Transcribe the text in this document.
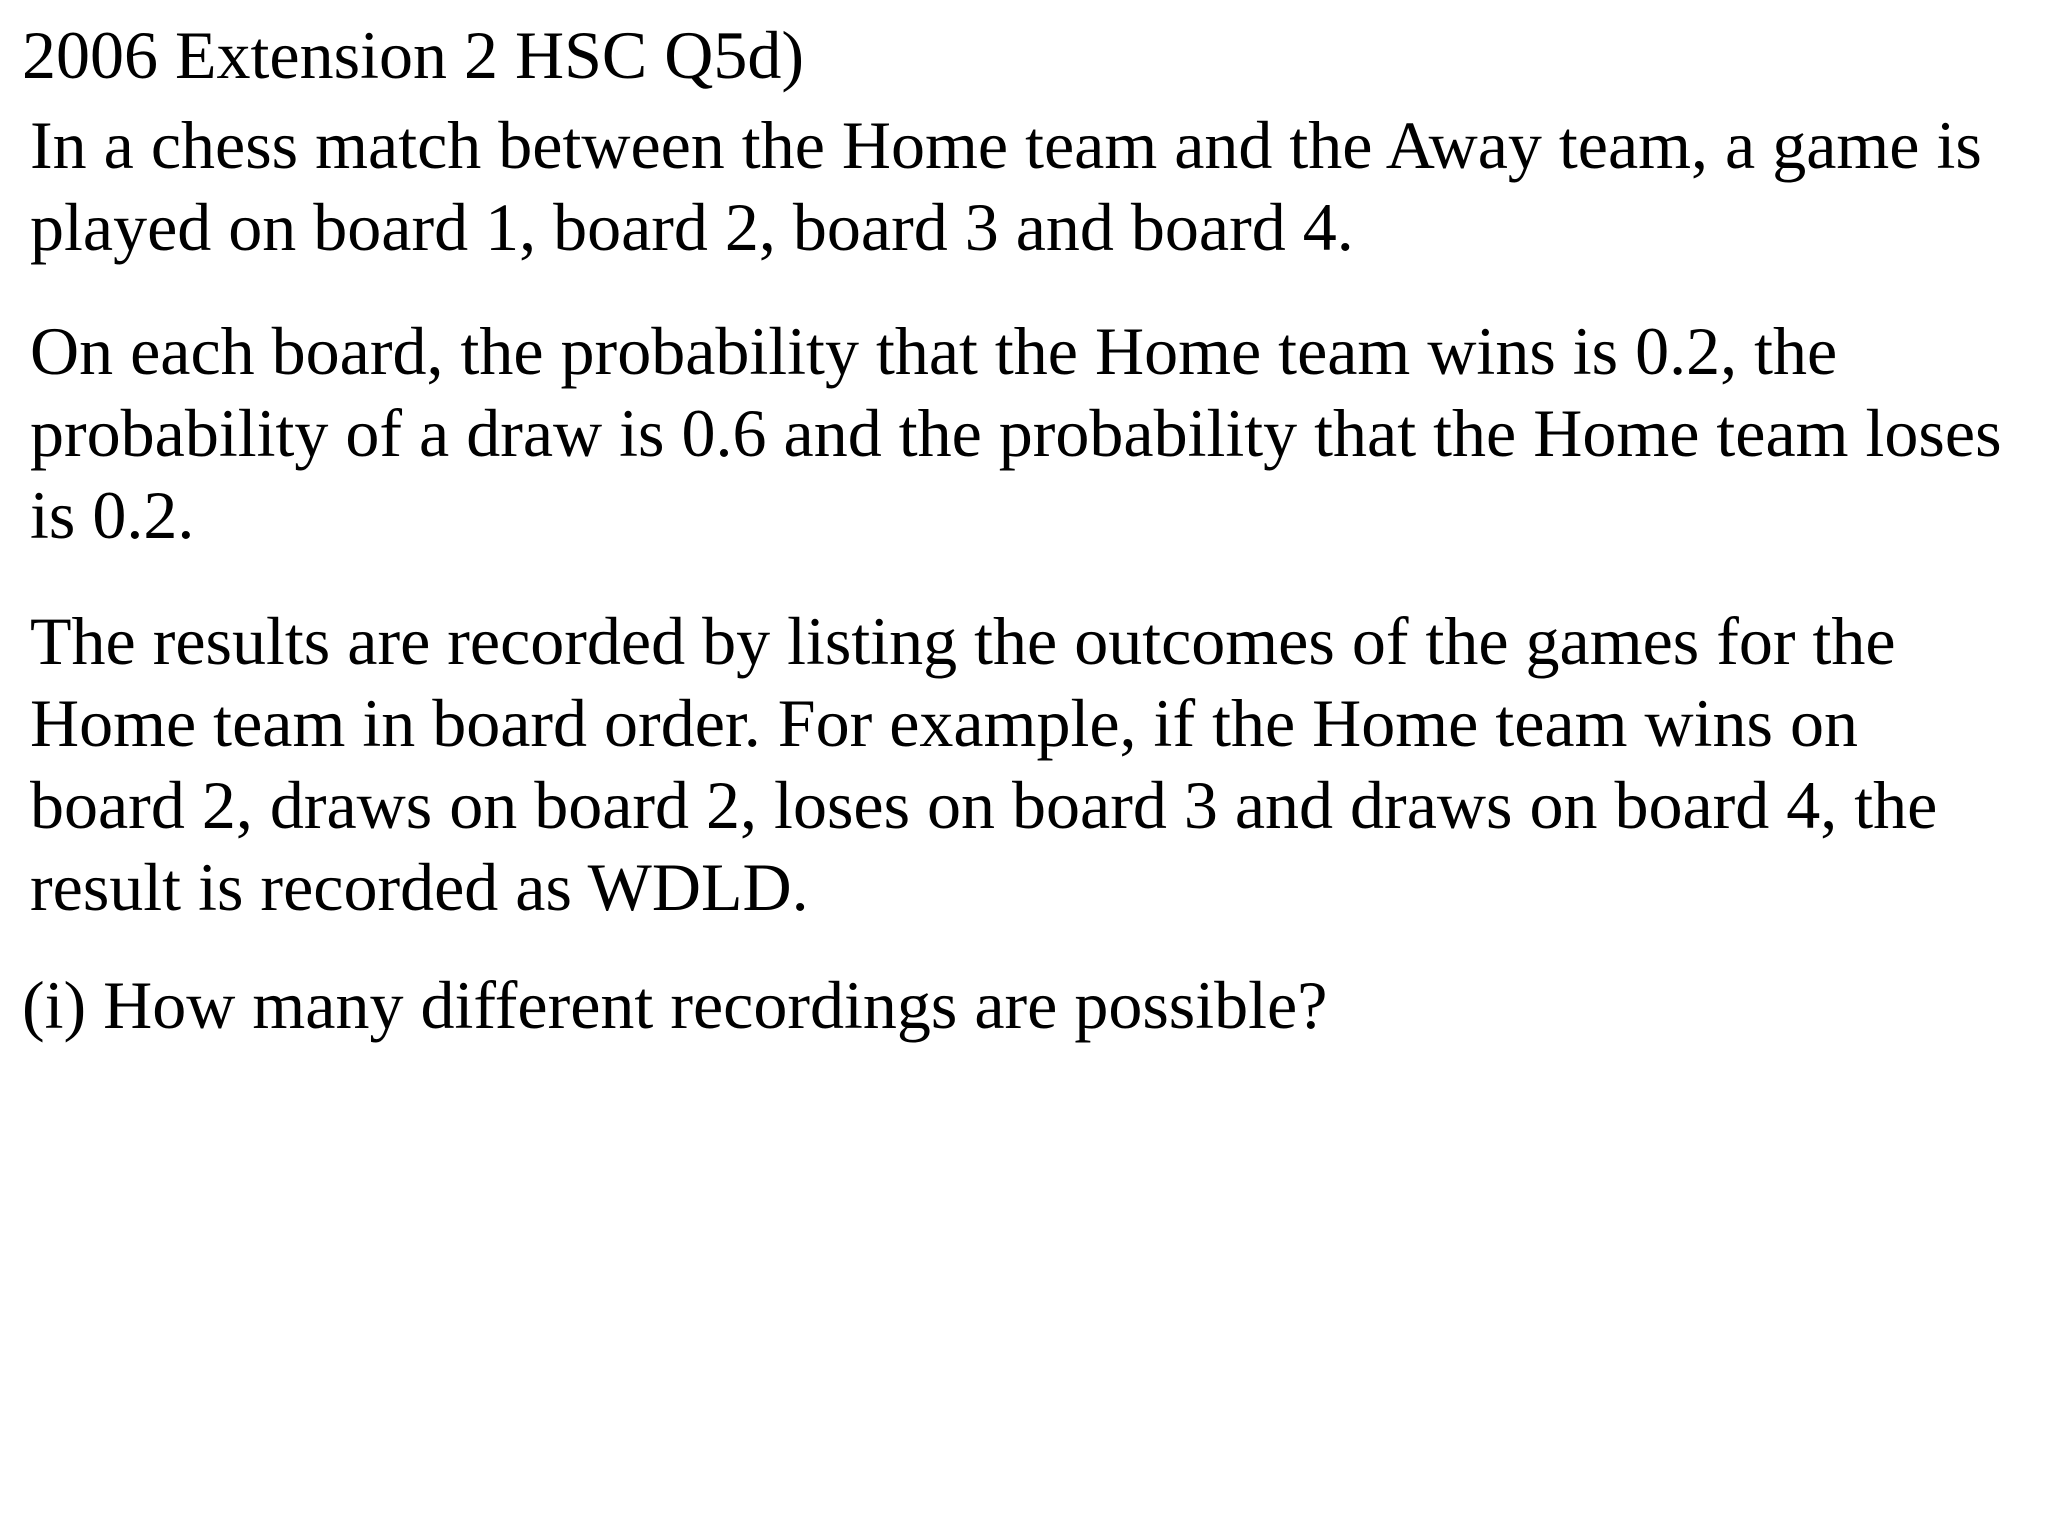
2006 Extension 2 HSC Q5d)

In a chess match between the Home team and the Away team, a game is
played on board 1, board 2, board 3 and board 4.

On each board, the probability that the Home team wins is 0.2, the
probability of a draw is 0.6 and the probability that the Home team loses
is 0.2.

The results are recorded by listing the outcomes of the games for the
Home team in board order. For example, if the Home team wins on
board 2, draws on board 2, loses on board 3 and draws on board 4, the
result is recorded as WDLD.

(i) How many different recordings are possible?
